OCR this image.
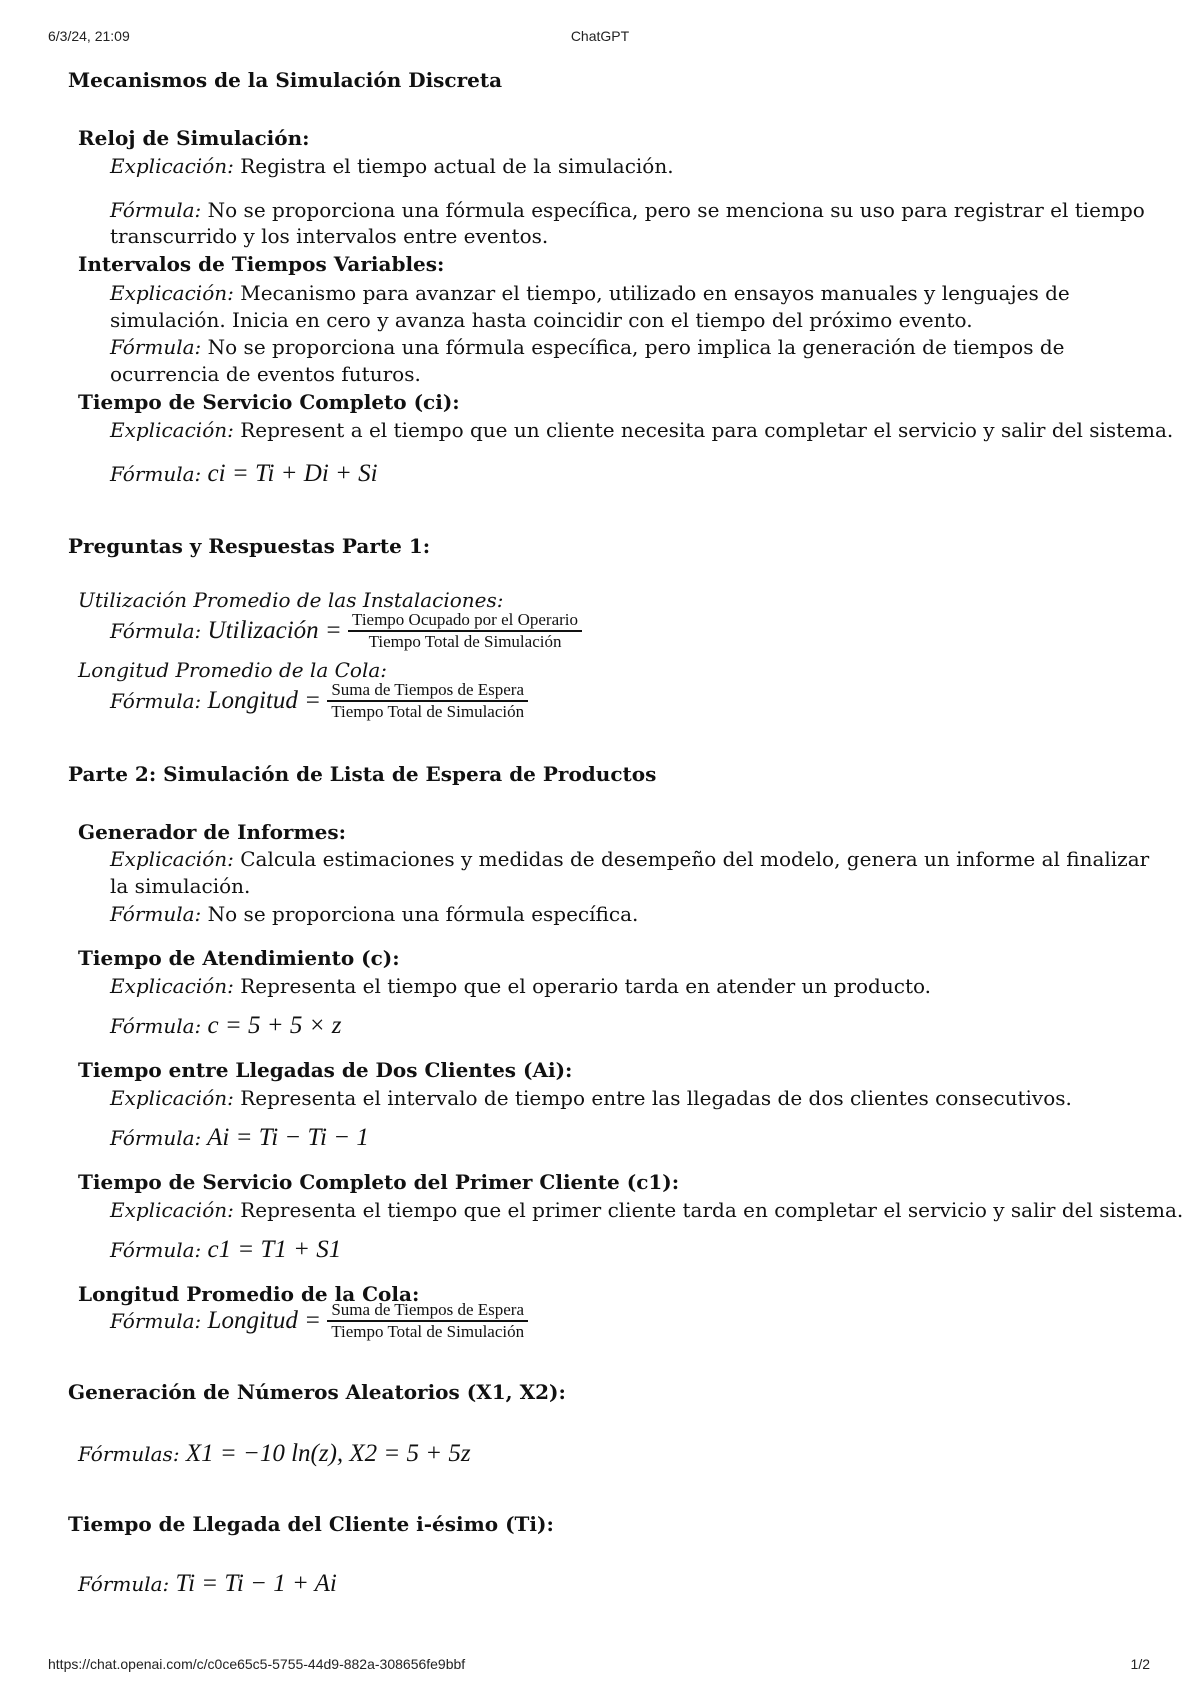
6/3/24, 21:09	ChatGPT
Mecanismos de la Simulación Discreta
Reloj de Simulación:
Explicación: Registra el tiempo actual de la simulación.
Fórmula: No se proporciona una fórmula específica, pero se menciona su uso para registrar el tiempo transcurrido y los intervalos entre eventos.
Intervalos de Tiempos Variables:
Explicación: Mecanismo para avanzar el tiempo, utilizado en ensayos manuales y lenguajes de simulación. Inicia en cero y avanza hasta coincidir con el tiempo del próximo evento.
Fórmula: No se proporciona una fórmula específica, pero implica la generación de tiempos de ocurrencia de eventos futuros.
Tiempo de Servicio Completo (ci):
Explicación: Represent a el tiempo que un cliente necesita para completar el servicio y salir del sistema.
Fórmula: ci = Ti + Di + Si
Preguntas y Respuestas Parte 1:
Utilización Promedio de las Instalaciones:
Fórmula: Utilización = $\frac{\text{Tiempo Ocupado por el Operario}}{\text{Tiempo Total de Simulación}}$
Longitud Promedio de la Cola:
Fórmula: Longitud = $\frac{\text{Suma de Tiempos de Espera}}{\text{Tiempo Total de Simulación}}$
Parte 2: Simulación de Lista de Espera de Productos
Generador de Informes:
Explicación: Calcula estimaciones y medidas de desempeño del modelo, genera un informe al finalizar la simulación.
Fórmula: No se proporciona una fórmula específica.
Tiempo de Atendimiento (c):
Explicación: Representa el tiempo que el operario tarda en atender un producto.
Fórmula: c = 5 + 5 × z
Tiempo entre Llegadas de Dos Clientes (Ai):
Explicación: Representa el intervalo de tiempo entre las llegadas de dos clientes consecutivos.
Fórmula: Ai = Ti − Ti − 1
Tiempo de Servicio Completo del Primer Cliente (c1):
Explicación: Representa el tiempo que el primer cliente tarda en completar el servicio y salir del sistema.
Fórmula: c1 = T1 + S1
Longitud Promedio de la Cola:
Fórmula: Longitud = $\frac{\text{Suma de Tiempos de Espera}}{\text{Tiempo Total de Simulación}}$
Generación de Números Aleatorios (X1, X2):
Fórmulas: X1 = −10 ln(z), X2 = 5 + 5z
Tiempo de Llegada del Cliente i-ésimo (Ti):
Fórmula: Ti = Ti − 1 + Ai
https://chat.openai.com/c/c0ce65c5-5755-44d9-882a-308656fe9bbf	1/2
